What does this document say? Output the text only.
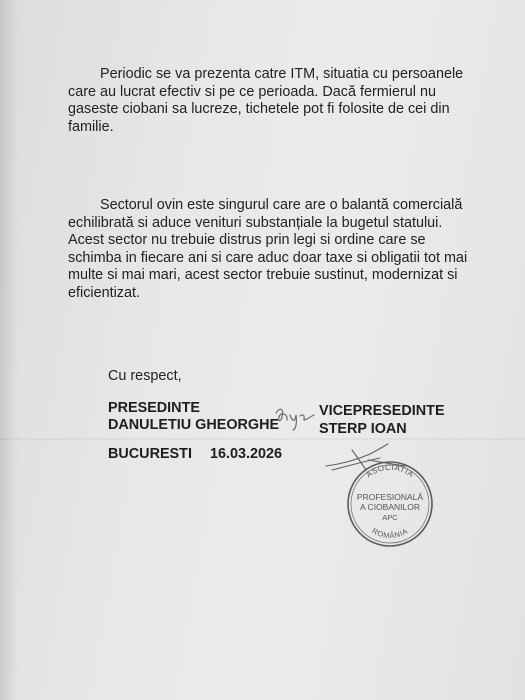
Periodic se va prezenta catre ITM, situatia cu persoanele care au lucrat efectiv si pe ce perioada. Dacă fermierul nu gaseste ciobani sa lucreze, tichetele pot fi folosite de cei din familie.
Sectorul ovin este singurul care are o balantă comercială echilibrată si aduce venituri substanțiale la bugetul statului. Acest sector nu trebuie distrus prin legi si ordine care se schimba in fiecare ani si care aduc doar taxe si obligatii tot mai multe si mai mari, acest sector trebuie sustinut, modernizat si eficientizat.
Cu respect,
PRESEDINTE
DANULETIU GHEORGHE
VICEPRESEDINTE
STERP IOAN
BUCURESTI 16.03.2026
ASOCIATIA
PROFESIONALĂ
A CIOBANILOR
APC
ROMÂNIA
